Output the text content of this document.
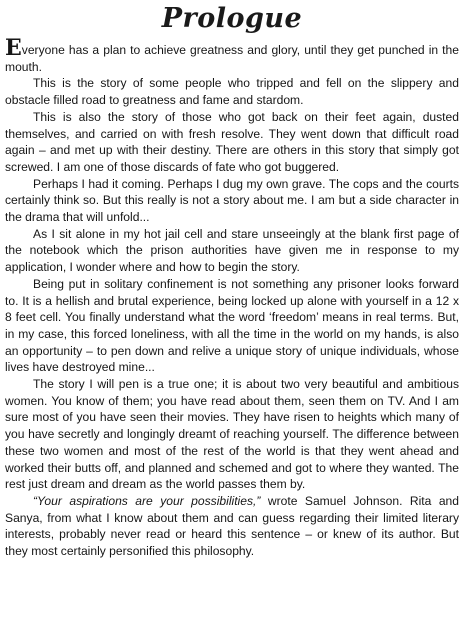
Prologue

Everyone has a plan to achieve greatness and glory, until they get punched in the mouth.

This is the story of some people who tripped and fell on the slippery and obstacle filled road to greatness and fame and stardom.

This is also the story of those who got back on their feet again, dusted themselves, and carried on with fresh resolve. They went down that difficult road again – and met up with their destiny. There are others in this story that simply got screwed. I am one of those discards of fate who got buggered.

Perhaps I had it coming. Perhaps I dug my own grave. The cops and the courts certainly think so. But this really is not a story about me. I am but a side character in the drama that will unfold...

As I sit alone in my hot jail cell and stare unseeingly at the blank first page of the notebook which the prison authorities have given me in response to my application, I wonder where and how to begin the story.

Being put in solitary confinement is not something any prisoner looks forward to. It is a hellish and brutal experience, being locked up alone with yourself in a 12 x 8 feet cell. You finally understand what the word ‘freedom’ means in real terms. But, in my case, this forced loneliness, with all the time in the world on my hands, is also an opportunity – to pen down and relive a unique story of unique individuals, whose lives have destroyed mine...

The story I will pen is a true one; it is about two very beautiful and ambitious women. You know of them; you have read about them, seen them on TV. And I am sure most of you have seen their movies. They have risen to heights which many of you have secretly and longingly dreamt of reaching yourself. The difference between these two women and most of the rest of the world is that they went ahead and worked their butts off, and planned and schemed and got to where they wanted. The rest just dream and dream as the world passes them by.

“Your aspirations are your possibilities,” wrote Samuel Johnson. Rita and Sanya, from what I know about them and can guess regarding their limited literary interests, probably never read or heard this sentence – or knew of its author. But they most certainly personified this philosophy.
